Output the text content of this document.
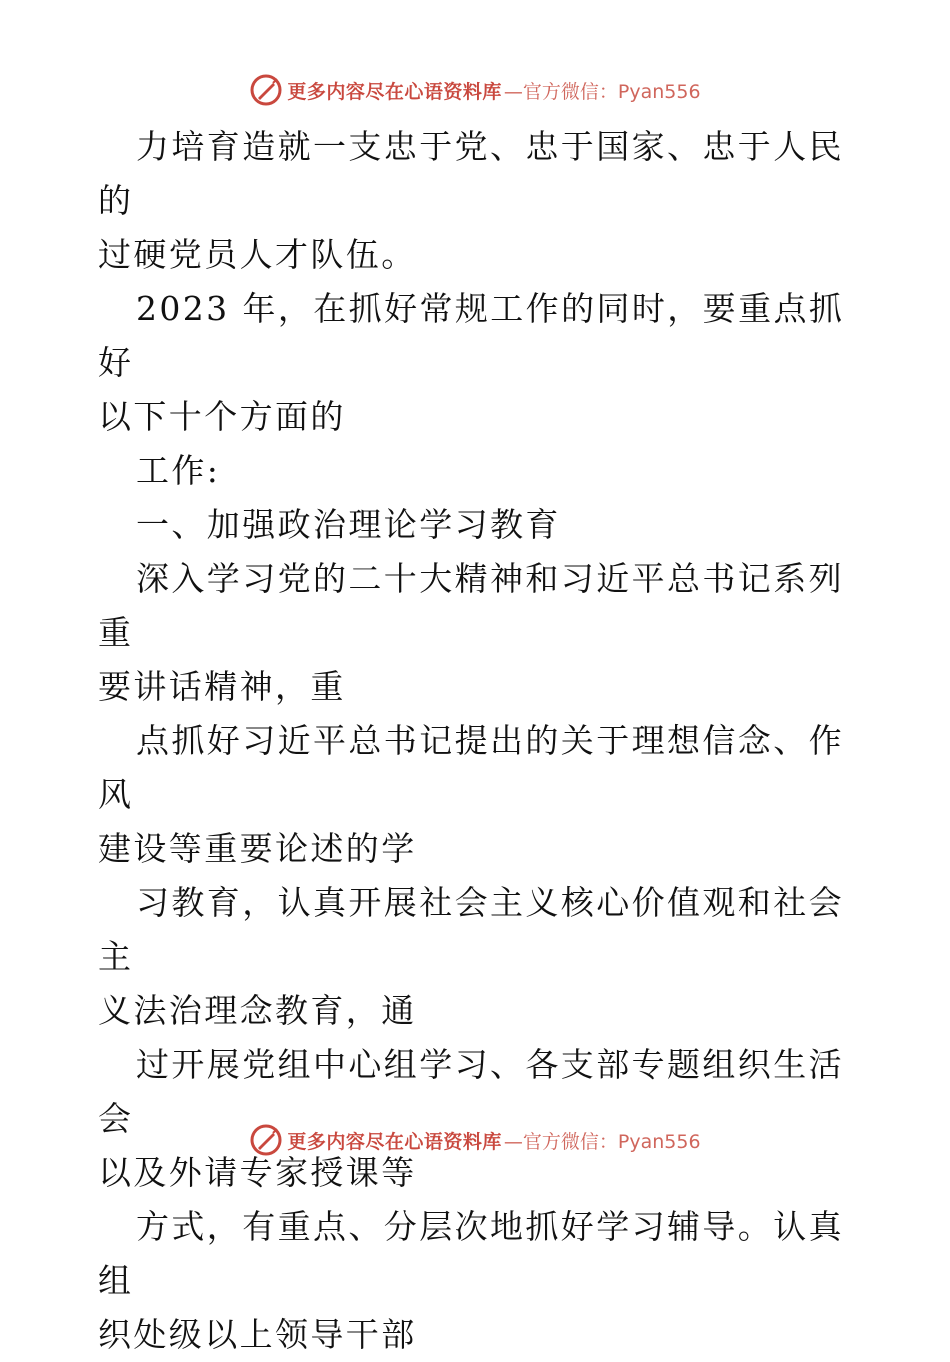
更多内容尽在心语资料库 —官方微信：Pyan556

力培育造就一支忠于党、忠于国家、忠于人民的
过硬党员人才队伍。

2023 年，在抓好常规工作的同时，要重点抓好
以下十个方面的

工作:

一、加强政治理论学习教育

深入学习党的二十大精神和习近平总书记系列重
要讲话精神，重

点抓好习近平总书记提出的关于理想信念、作风
建设等重要论述的学

习教育，认真开展社会主义核心价值观和社会主
义法治理念教育，通

过开展党组中心组学习、各支部专题组织生活会
以及外请专家授课等

方式，有重点、分层次地抓好学习辅导。认真组
织处级以上领导干部

更多内容尽在心语资料库 —官方微信：Pyan556
